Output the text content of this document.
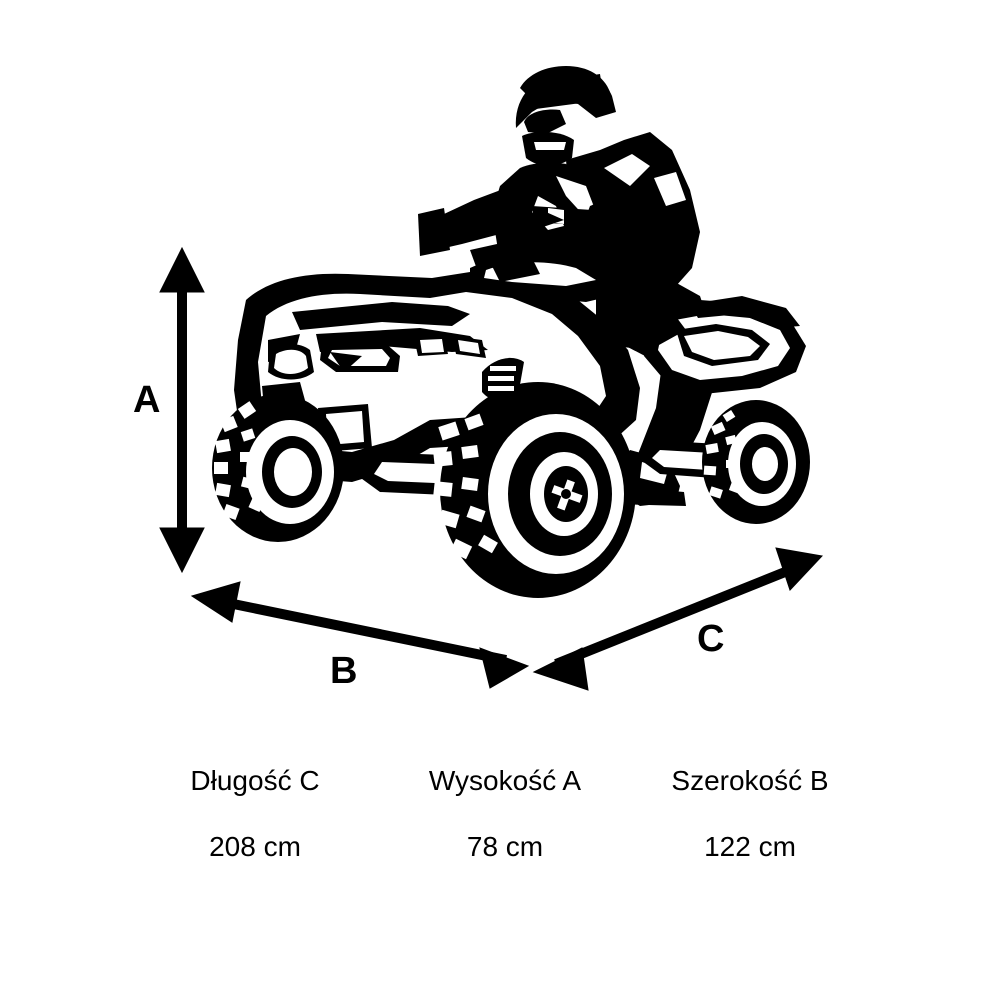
A
B
C
Długość C	Wysokość A	Szerokość B
208 cm	78 cm	122 cm
